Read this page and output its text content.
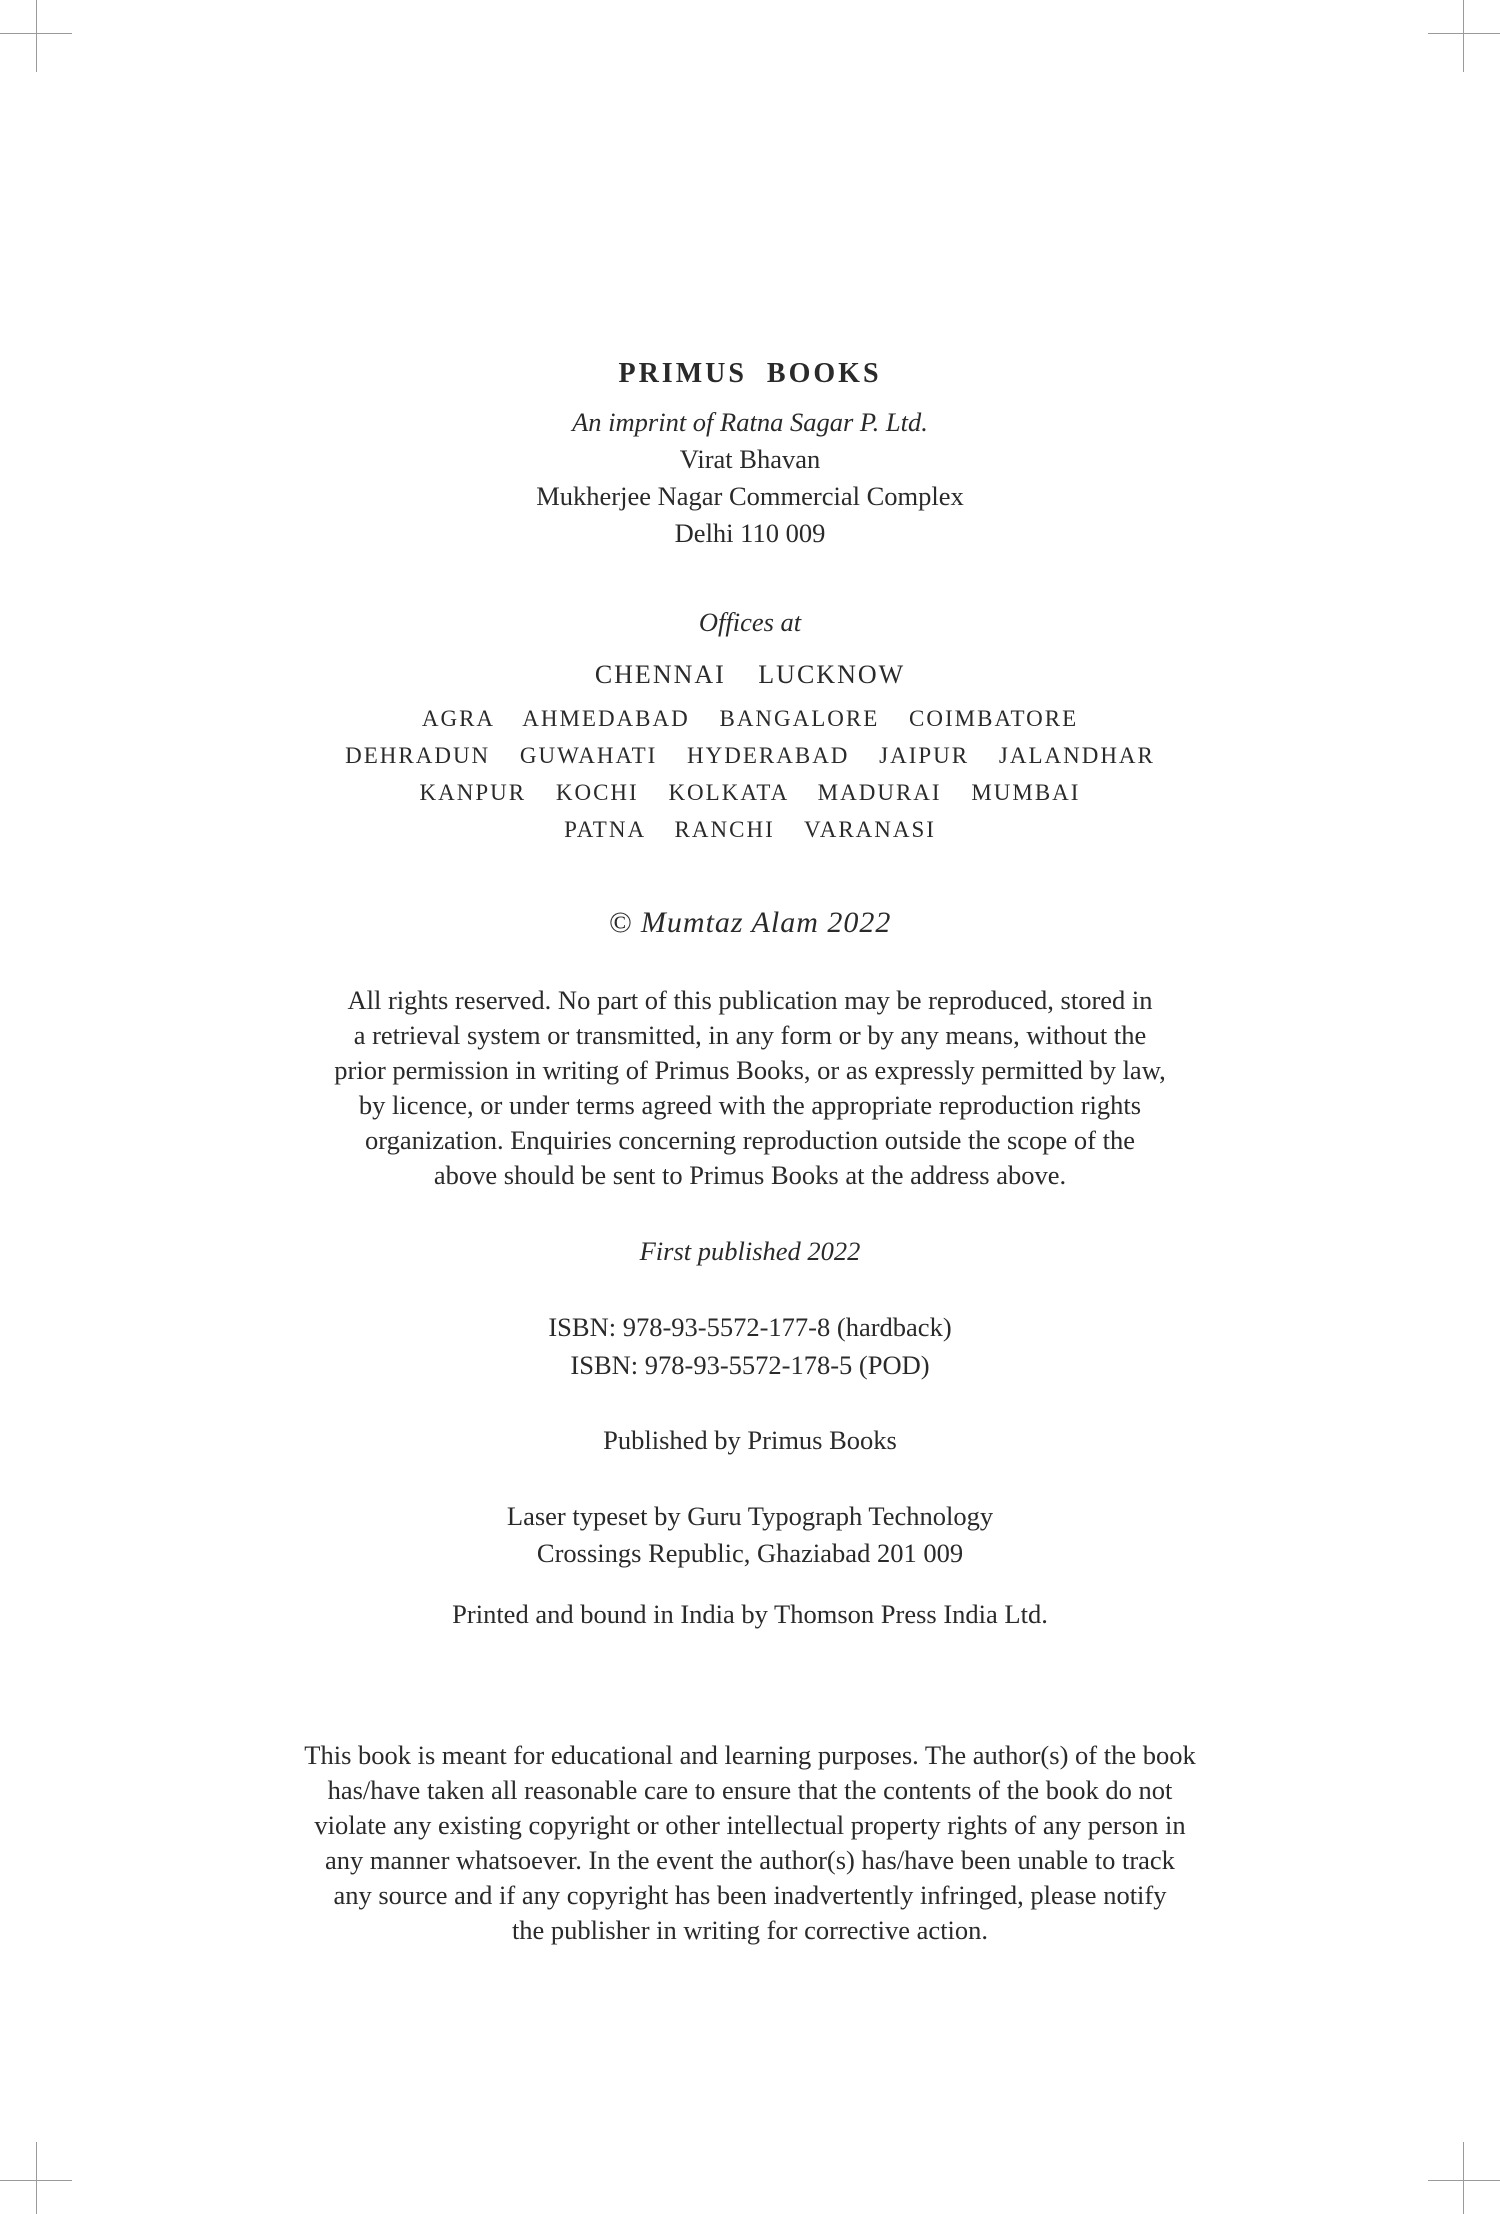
PRIMUS BOOKS
An imprint of Ratna Sagar P. Ltd.
Virat Bhavan
Mukherjee Nagar Commercial Complex
Delhi 110 009
Offices at
CHENNAI LUCKNOW
AGRA AHMEDABAD BANGALORE COIMBATORE
DEHRADUN GUWAHATI HYDERABAD JAIPUR JALANDHAR
KANPUR KOCHI KOLKATA MADURAI MUMBAI
PATNA RANCHI VARANASI
© Mumtaz Alam 2022
All rights reserved. No part of this publication may be reproduced, stored in
a retrieval system or transmitted, in any form or by any means, without the
prior permission in writing of Primus Books, or as expressly permitted by law,
by licence, or under terms agreed with the appropriate reproduction rights
organization. Enquiries concerning reproduction outside the scope of the
above should be sent to Primus Books at the address above.
First published 2022
ISBN: 978-93-5572-177-8 (hardback)
ISBN: 978-93-5572-178-5 (POD)
Published by Primus Books
Laser typeset by Guru Typograph Technology
Crossings Republic, Ghaziabad 201 009
Printed and bound in India by Thomson Press India Ltd.
This book is meant for educational and learning purposes. The author(s) of the book
has/have taken all reasonable care to ensure that the contents of the book do not
violate any existing copyright or other intellectual property rights of any person in
any manner whatsoever. In the event the author(s) has/have been unable to track
any source and if any copyright has been inadvertently infringed, please notify
the publisher in writing for corrective action.
